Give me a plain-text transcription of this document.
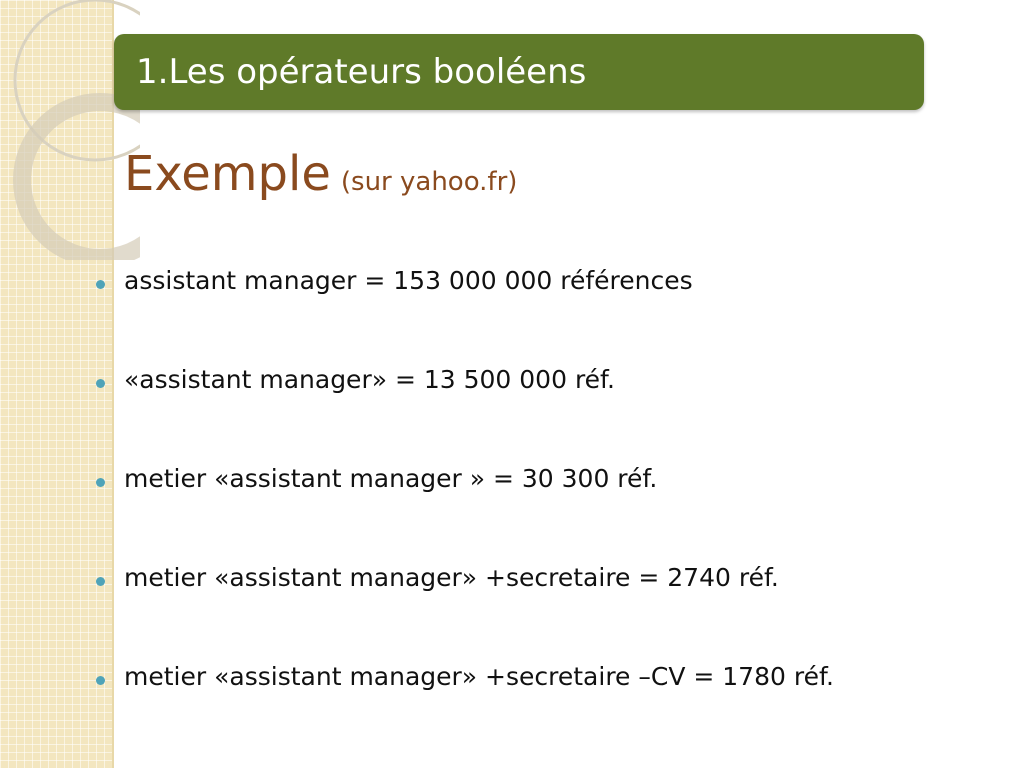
1.Les opérateurs booléens
Exemple (sur yahoo.fr)
assistant manager = 153 000 000 références
«assistant manager» = 13 500 000 réf.
metier «assistant manager » = 30 300 réf.
metier «assistant manager» +secretaire = 2740 réf.
metier «assistant manager» +secretaire –CV = 1780 réf.
